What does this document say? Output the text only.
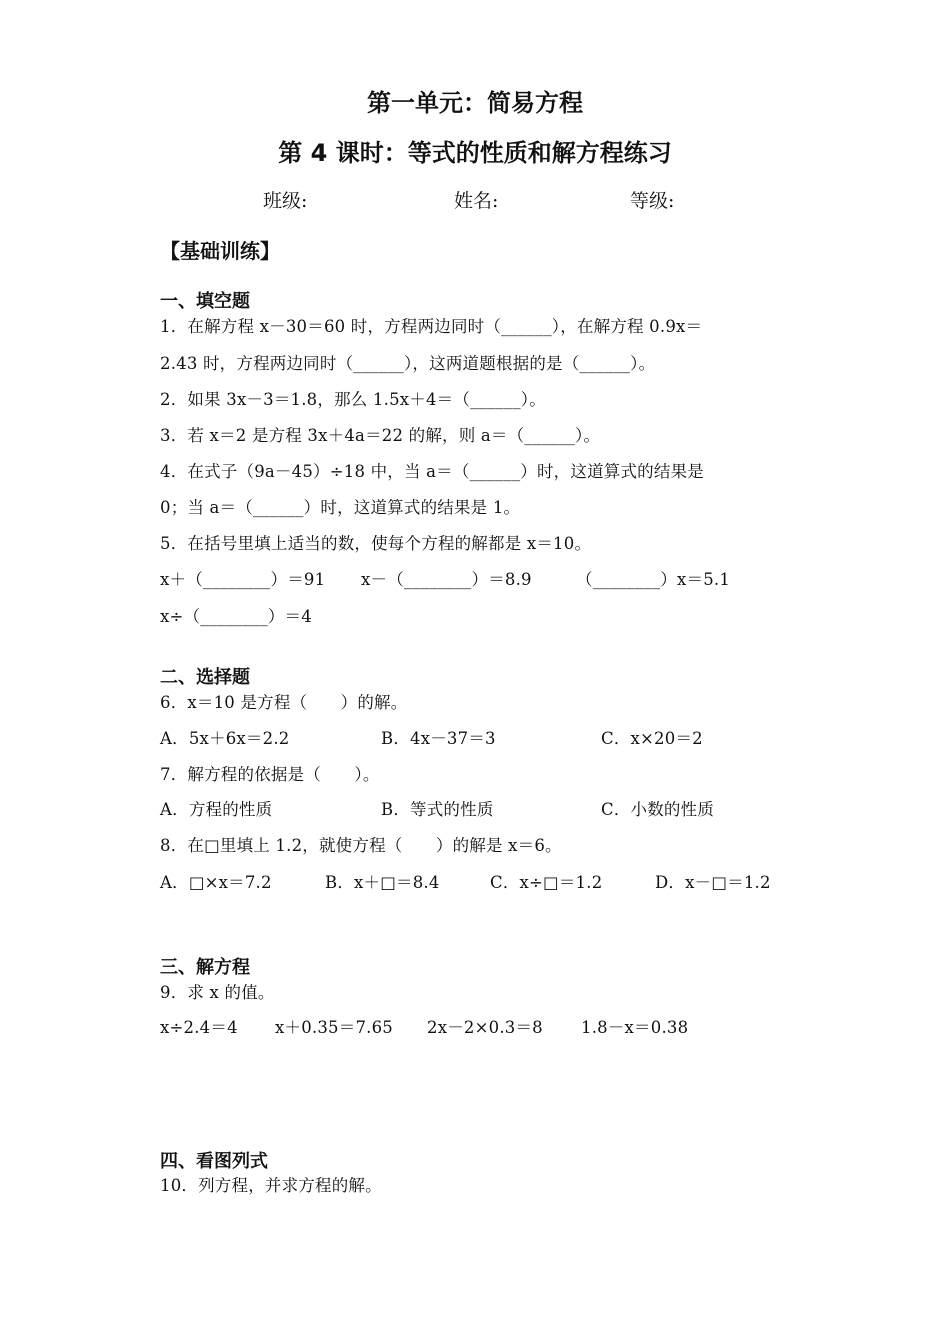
第一单元：简易方程
第 4 课时：等式的性质和解方程练习
班级:	姓名:	等级:
【基础训练】
一、填空题
1．在解方程 x－30＝60 时，方程两边同时（______），在解方程 0.9x＝
2.43 时，方程两边同时（______），这两道题根据的是（______）。
2．如果 3x－3＝1.8，那么 1.5x＋4＝（______）。
3．若 x＝2 是方程 3x＋4a＝22 的解，则 a＝（______）。
4．在式子（9a－45）÷18 中，当 a＝（______）时，这道算式的结果是
0；当 a＝（______）时，这道算式的结果是 1。
5．在括号里填上适当的数，使每个方程的解都是 x＝10。
x＋（________）＝91 x－（________）＝8.9	（________）x＝5.1
x÷（________）＝4
二、选择题
6．x＝10 是方程（　　）的解。
A．5x＋6x＝2.2	B．4x－37＝3	C．x×20＝2
7．解方程的依据是（　　）。
A．方程的性质	B．等式的性质	C．小数的性质
8．在□里填上 1.2，就使方程（　　）的解是 x＝6。
A．□×x＝7.2	B．x＋□＝8.4	C．x÷□＝1.2	D．x－□＝1.2
三、解方程
9．求 x 的值。
x÷2.4＝4 x＋0.35＝7.65 2x－2×0.3＝8 1.8－x＝0.38
四、看图列式
10．列方程，并求方程的解。
